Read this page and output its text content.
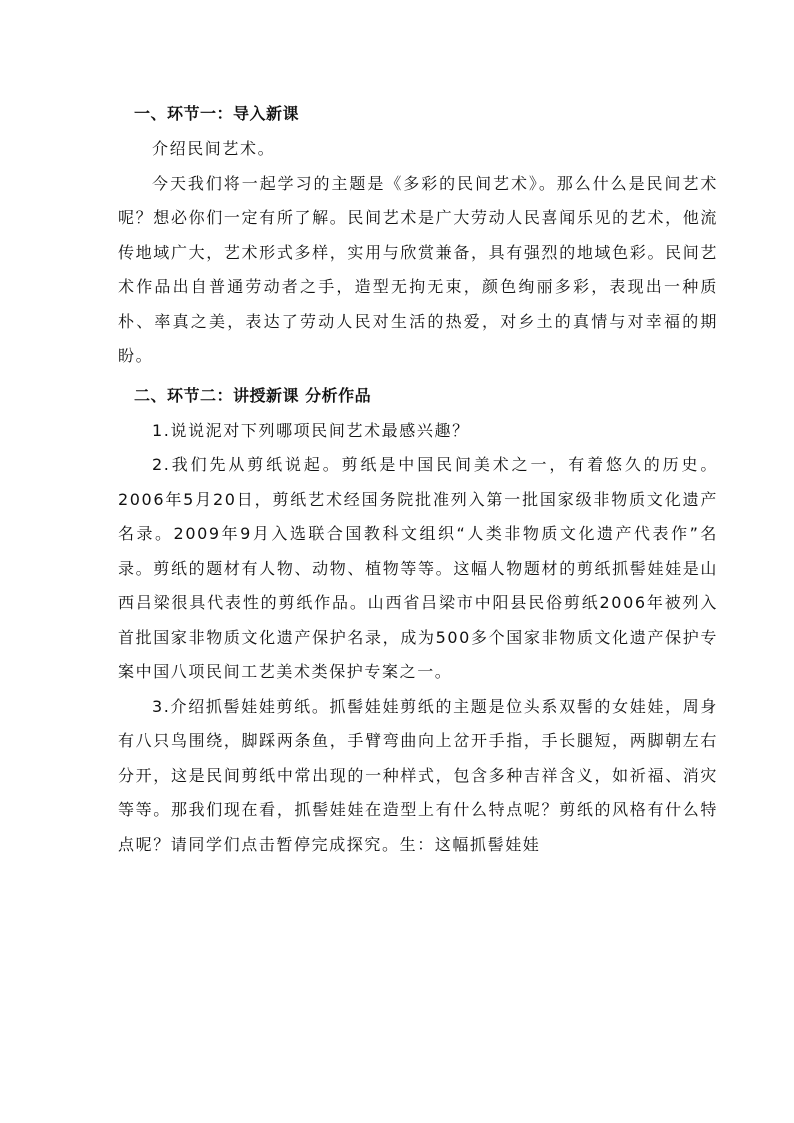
一、环节一：导入新课

介绍民间艺术。

今天我们将一起学习的主题是《多彩的民间艺术》。那么什么是民间艺术呢？想必你们一定有所了解。民间艺术是广大劳动人民喜闻乐见的艺术，他流传地域广大，艺术形式多样，实用与欣赏兼备，具有强烈的地域色彩。民间艺术作品出自普通劳动者之手，造型无拘无束，颜色绚丽多彩，表现出一种质朴、率真之美，表达了劳动人民对生活的热爱，对乡土的真情与对幸福的期盼。

二、环节二：讲授新课 分析作品

1.说说泥对下列哪项民间艺术最感兴趣？

2.我们先从剪纸说起。剪纸是中国民间美术之一，有着悠久的历史。2006年5月20日，剪纸艺术经国务院批准列入第一批国家级非物质文化遗产名录。2009年9月入选联合国教科文组织“人类非物质文化遗产代表作”名录。剪纸的题材有人物、动物、植物等等。这幅人物题材的剪纸抓髻娃娃是山西吕梁很具代表性的剪纸作品。山西省吕梁市中阳县民俗剪纸2006年被列入首批国家非物质文化遗产保护名录，成为500多个国家非物质文化遗产保护专案中国八项民间工艺美术类保护专案之一。

3.介绍抓髻娃娃剪纸。抓髻娃娃剪纸的主题是位头系双髻的女娃娃，周身有八只鸟围绕，脚踩两条鱼，手臂弯曲向上岔开手指，手长腿短，两脚朝左右分开，这是民间剪纸中常出现的一种样式，包含多种吉祥含义，如祈福、消灾等等。那我们现在看，抓髻娃娃在造型上有什么特点呢？剪纸的风格有什么特点呢？请同学们点击暂停完成探究。生：这幅抓髻娃娃
